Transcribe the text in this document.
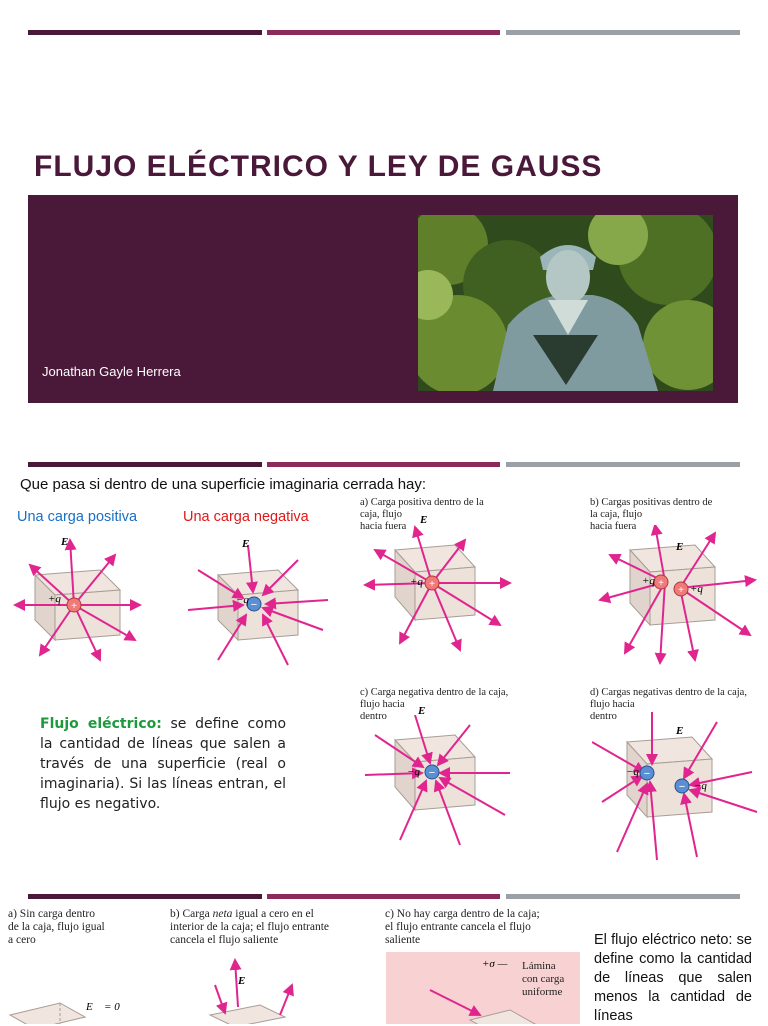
FLUJO ELÉCTRICO Y LEY DE GAUSS
Jonathan Gayle Herrera
Que pasa si dentro de una superficie imaginaria cerrada hay:
Una carga positiva	Una carga negativa
a) Carga positiva dentro de la
caja, flujo
hacia fuera
b) Cargas positivas dentro de
la caja, flujo
hacia fuera
c) Carga negativa dentro de la caja,
flujo hacia
dentro
d) Cargas negativas dentro de la caja,
flujo hacia
dentro
+
+q
E⃗
−
−q
E⃗
+
+q
E⃗
+
+
+q
+q
E⃗
Flujo eléctrico: se define como la cantidad de líneas que salen a través de una superficie (real o imaginaria). Si las líneas entran, el flujo es negativo.
−
−q
E⃗
−
−
−q
−q
E⃗
a) Sin carga dentro
de la caja, flujo igual
a cero
b) Carga neta igual a cero en el
interior de la caja; el flujo entrante
cancela el flujo saliente
c) No hay carga dentro de la caja;
el flujo entrante cancela el flujo
saliente
E⃗ = 0
E⃗
+σ — Lámina
con carga
uniforme
El flujo eléctrico neto: se define como la cantidad de líneas que salen menos la cantidad de líneas
